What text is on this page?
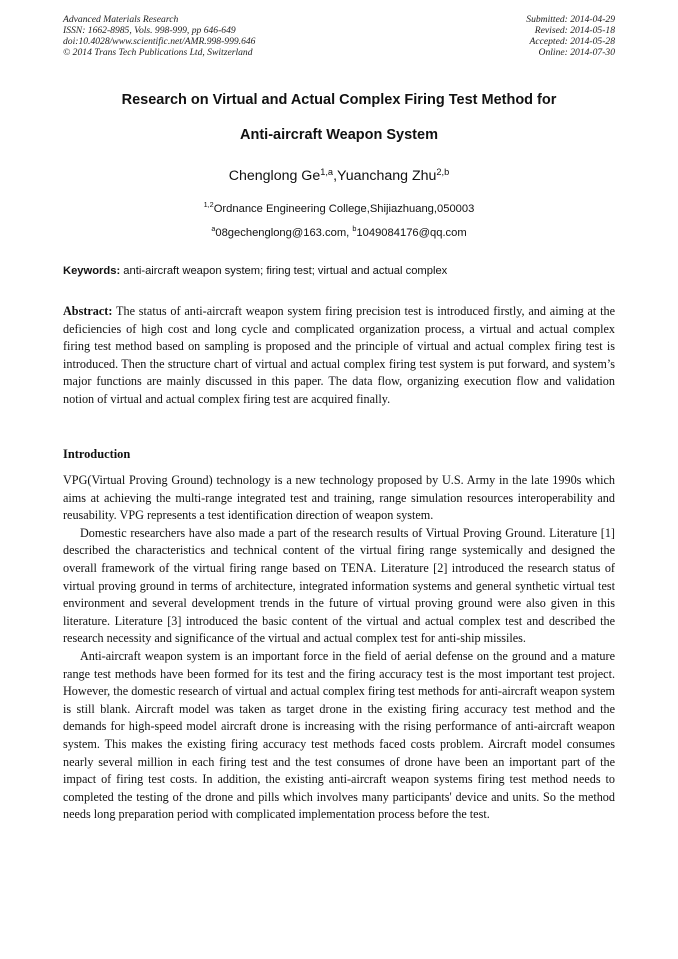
Advanced Materials Research
ISSN: 1662-8985, Vols. 998-999, pp 646-649
doi:10.4028/www.scientific.net/AMR.998-999.646
© 2014 Trans Tech Publications Ltd, Switzerland
Submitted: 2014-04-29
Revised: 2014-05-18
Accepted: 2014-05-28
Online: 2014-07-30
Research on Virtual and Actual Complex Firing Test Method for
Anti-aircraft Weapon System
Chenglong Ge$^{1,a}$,Yuanchang Zhu$^{2,b}$
$^{1,2}$Ordnance Engineering College,Shijiazhuang,050003
$^a$08gechenglong@163.com, $^b$1049084176@qq.com
Keywords: anti-aircraft weapon system; firing test; virtual and actual complex
Abstract: The status of anti-aircraft weapon system firing precision test is introduced firstly, and aiming at the deficiencies of high cost and long cycle and complicated organization process, a virtual and actual complex firing test method based on sampling is proposed and the principle of virtual and actual complex firing test is introduced. Then the structure chart of virtual and actual complex firing test system is put forward, and system’s major functions are mainly discussed in this paper. The data flow, organizing execution flow and validation notion of virtual and actual complex firing test are acquired finally.
Introduction

VPG(Virtual Proving Ground) technology is a new technology proposed by U.S. Army in the late 1990s which aims at achieving the multi-range integrated test and training, range simulation resources interoperability and reusability. VPG represents a test identification direction of weapon system.

Domestic researchers have also made a part of the research results of Virtual Proving Ground. Literature [1] described the characteristics and technical content of the virtual firing range systemically and designed the overall framework of the virtual firing range based on TENA. Literature [2] introduced the research status of virtual proving ground in terms of architecture, integrated information systems and general synthetic virtual test environment and several development trends in the future of virtual proving ground were also given in this literature. Literature [3] introduced the basic content of the virtual and actual complex test and described the research necessity and significance of the virtual and actual complex test for anti-ship missiles.

Anti-aircraft weapon system is an important force in the field of aerial defense on the ground and a mature range test methods have been formed for its test and the firing accuracy test is the most important test project. However, the domestic research of virtual and actual complex firing test methods for anti-aircraft weapon system is still blank. Aircraft model was taken as target drone in the existing firing accuracy test method and the demands for high-speed model aircraft drone is increasing with the rising performance of anti-aircraft weapon system. This makes the existing firing accuracy test methods faced costs problem. Aircraft model consumes nearly several million in each firing test and the test consumes of drone have been an important part of the impact of firing test costs. In addition, the existing anti-aircraft weapon systems firing test method needs to completed the testing of the drone and pills which involves many participants' device and units. So the method needs long preparation period with complicated implementation process before the test.
